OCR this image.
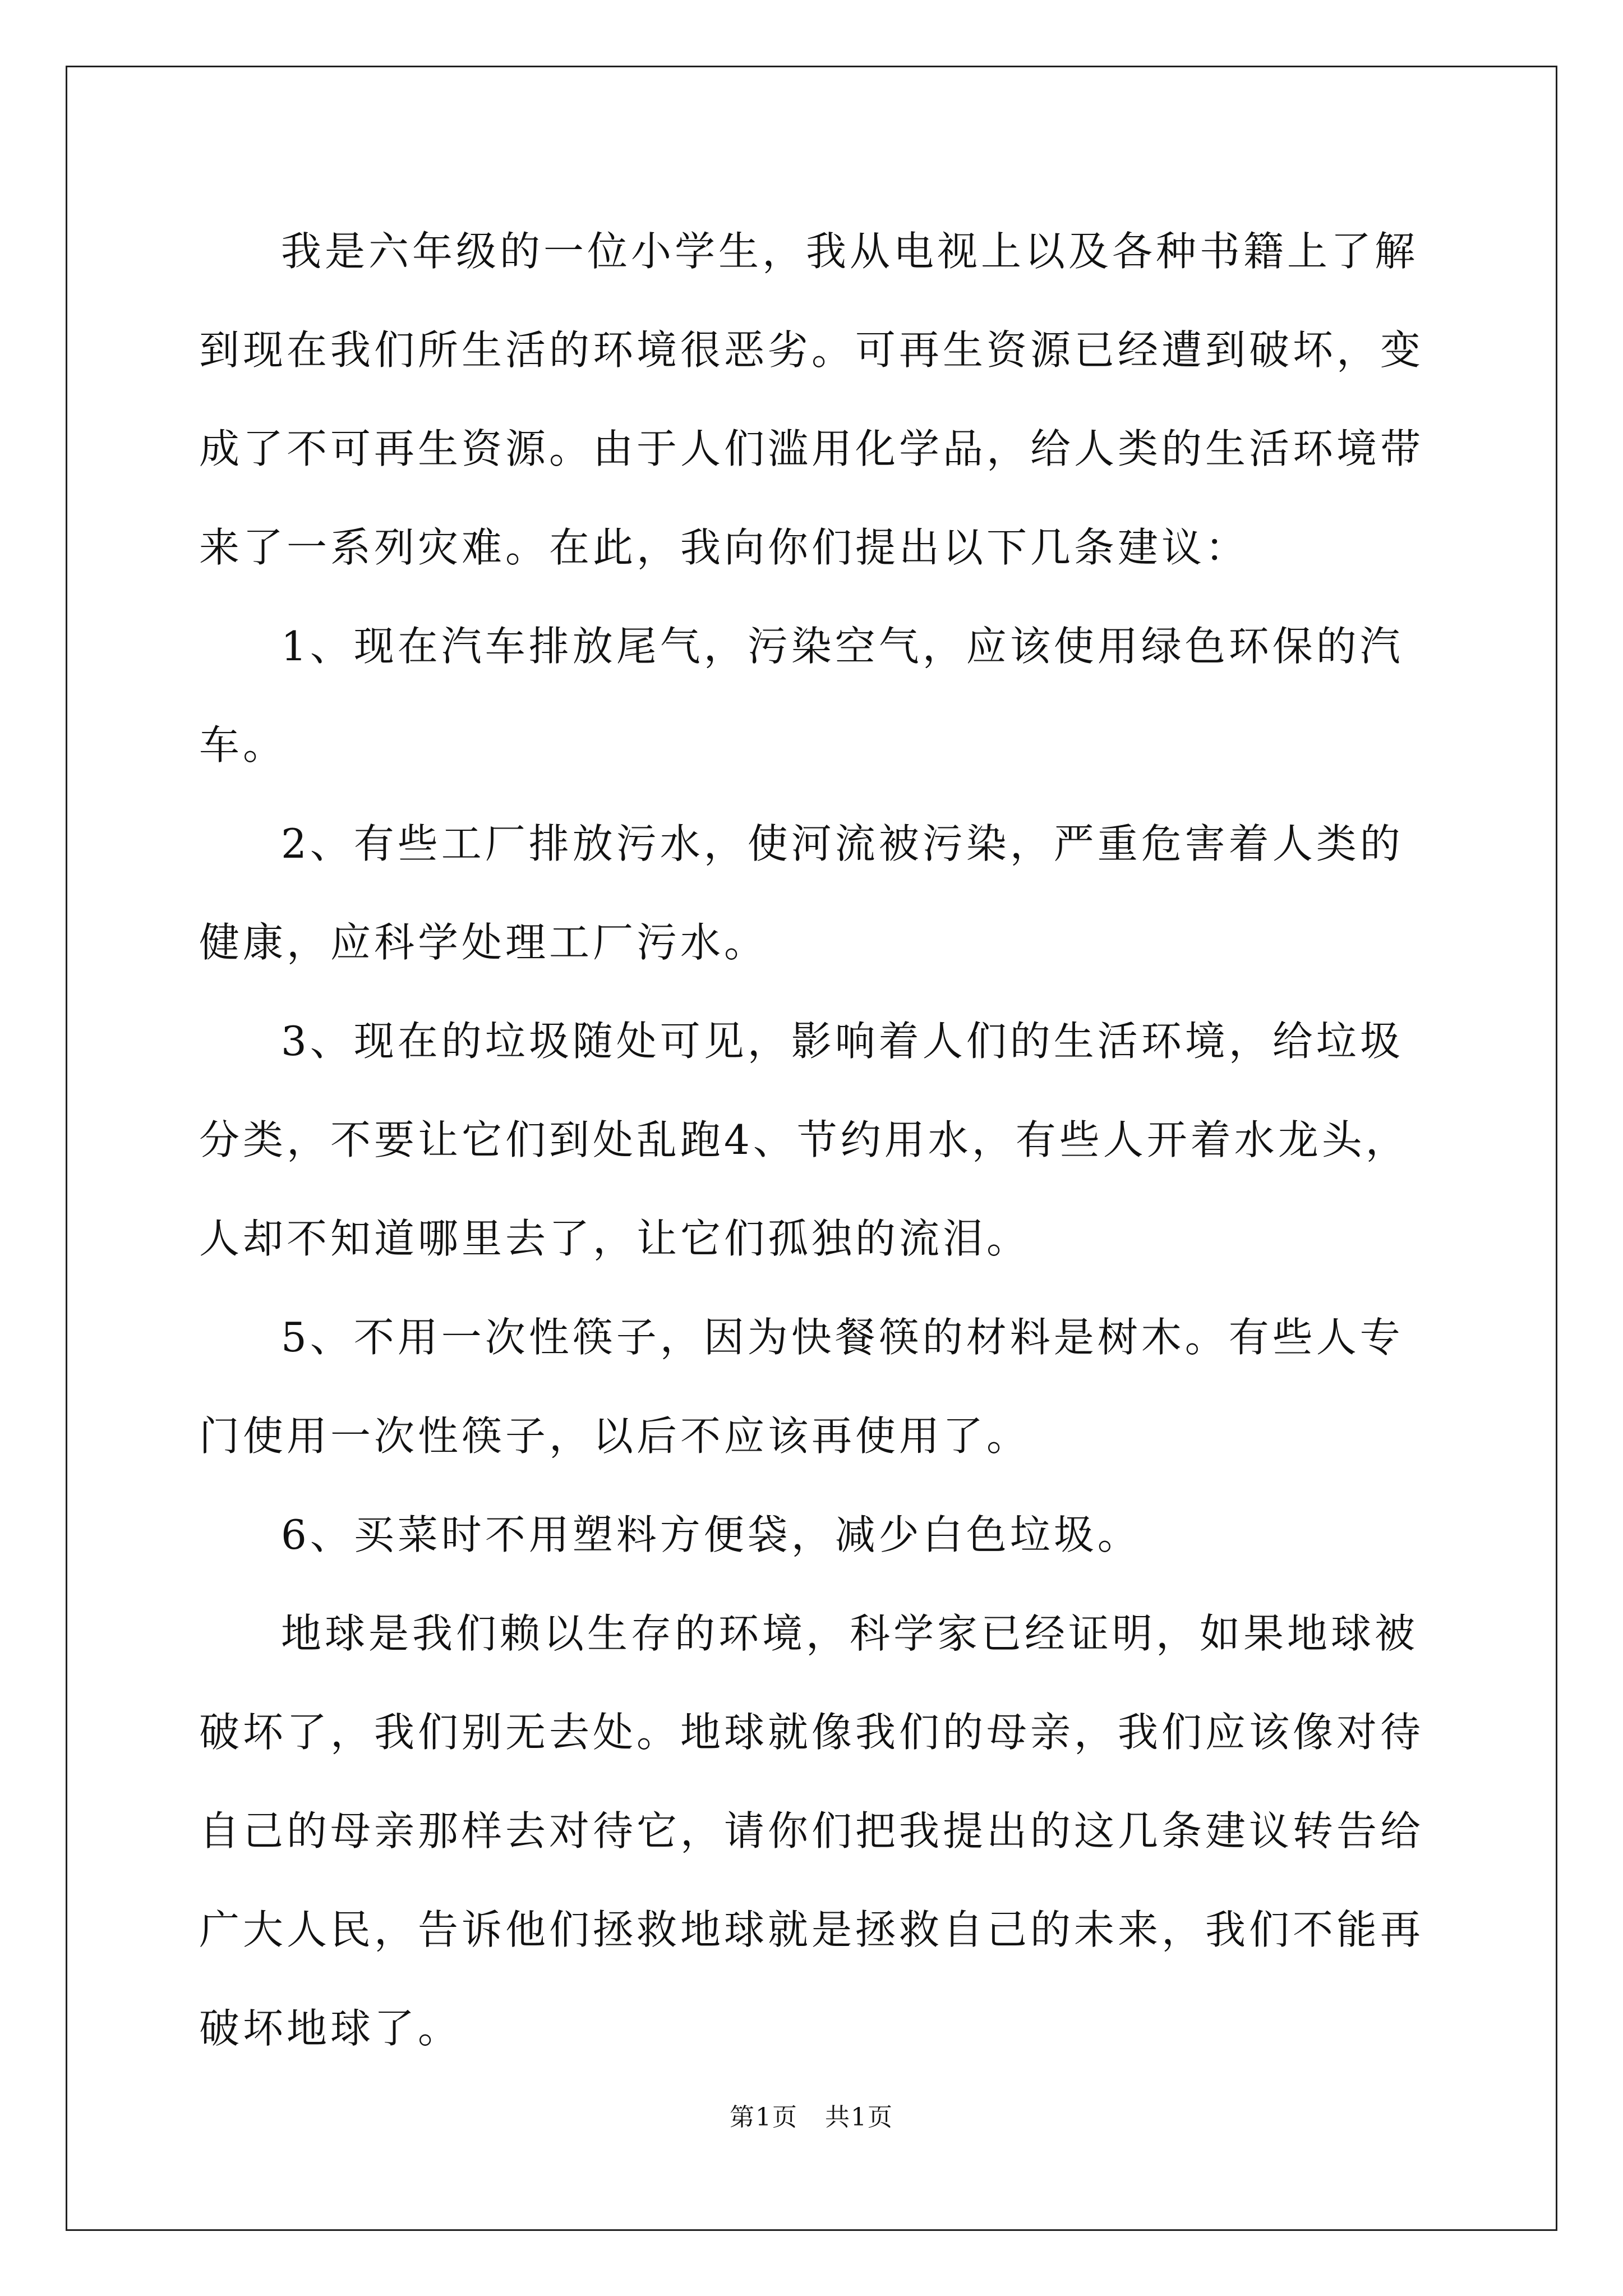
我是六年级的一位小学生，我从电视上以及各种书籍上了解到现在我们所生活的环境很恶劣。可再生资源已经遭到破坏，变成了不可再生资源。由于人们滥用化学品，给人类的生活环境带来了一系列灾难。在此，我向你们提出以下几条建议：

1、现在汽车排放尾气，污染空气，应该使用绿色环保的汽车。

2、有些工厂排放污水，使河流被污染，严重危害着人类的健康，应科学处理工厂污水。

3、现在的垃圾随处可见，影响着人们的生活环境，给垃圾分类，不要让它们到处乱跑4、节约用水，有些人开着水龙头，人却不知道哪里去了，让它们孤独的流泪。

5、不用一次性筷子，因为快餐筷的材料是树木。有些人专门使用一次性筷子，以后不应该再使用了。

6、买菜时不用塑料方便袋，减少白色垃圾。

地球是我们赖以生存的环境，科学家已经证明，如果地球被破坏了，我们别无去处。地球就像我们的母亲，我们应该像对待自己的母亲那样去对待它，请你们把我提出的这几条建议转告给广大人民，告诉他们拯救地球就是拯救自己的未来，我们不能再破坏地球了。

第1页 共1页
